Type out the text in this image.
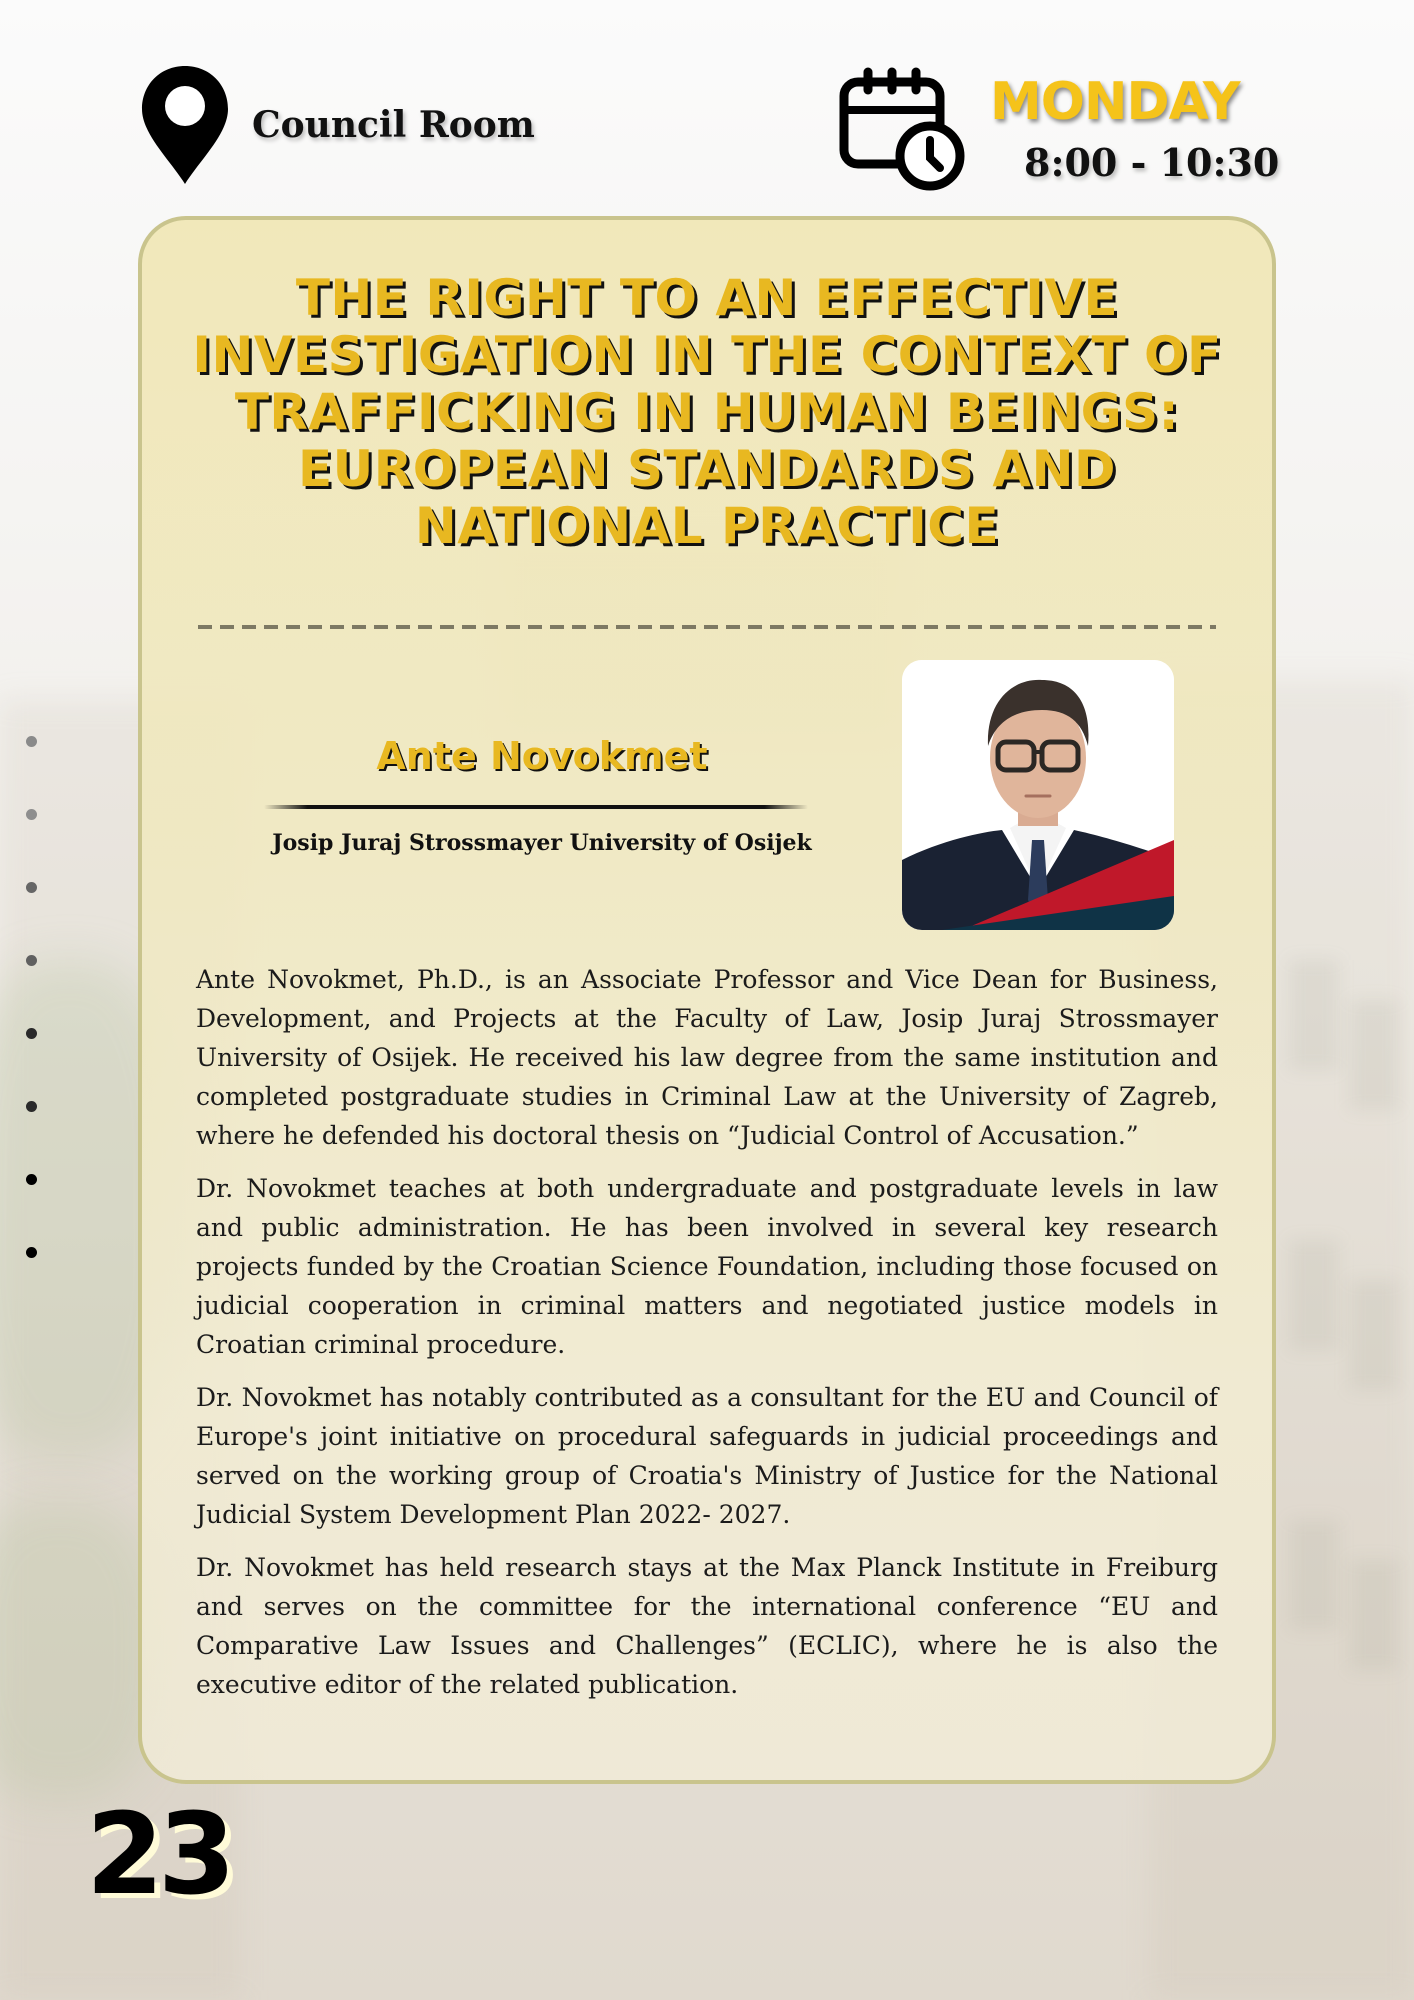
Council Room	MONDAY
8:00 - 10:30
THE RIGHT TO AN EFFECTIVE INVESTIGATION IN THE CONTEXT OF TRAFFICKING IN HUMAN BEINGS: EUROPEAN STANDARDS AND NATIONAL PRACTICE
Ante Novokmet
Josip Juraj Strossmayer University of Osijek

Ante Novokmet, Ph.D., is an Associate Professor and Vice Dean for Business, Development, and Projects at the Faculty of Law, Josip Juraj Strossmayer University of Osijek. He received his law degree from the same institution and completed postgraduate studies in Criminal Law at the University of Zagreb, where he defended his doctoral thesis on “Judicial Control of Accusation.”

Dr. Novokmet teaches at both undergraduate and postgraduate levels in law and public administration. He has been involved in several key research projects funded by the Croatian Science Foundation, including those focused on judicial cooperation in criminal matters and negotiated justice models in Croatian criminal procedure.

Dr. Novokmet has notably contributed as a consultant for the EU and Council of Europe's joint initiative on procedural safeguards in judicial proceedings and served on the working group of Croatia's Ministry of Justice for the National Judicial System Development Plan 2022- 2027.

Dr. Novokmet has held research stays at the Max Planck Institute in Freiburg and serves on the committee for the international conference “EU and Comparative Law Issues and Challenges” (ECLIC), where he is also the executive editor of the related publication.

23
